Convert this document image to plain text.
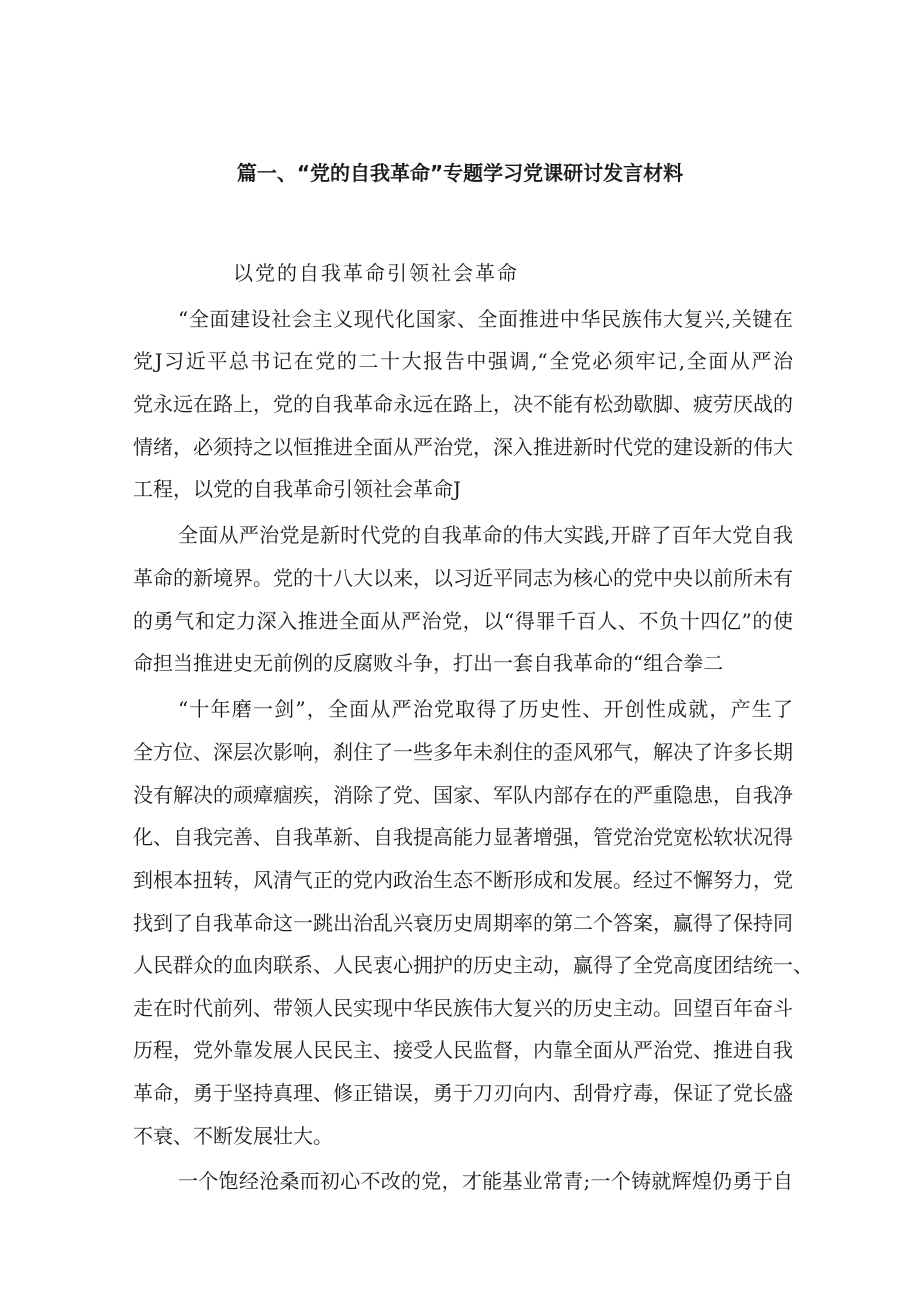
篇一、“党的自我革命”专题学习党课研讨发言材料
以党的自我革命引领社会革命
“全面建设社会主义现代化国家、全面推进中华民族伟大复兴,关键在
党J习近平总书记在党的二十大报告中强调,“全党必须牢记,全面从严治
党永远在路上，党的自我革命永远在路上，决不能有松劲歇脚、疲劳厌战的
情绪，必须持之以恒推进全面从严治党，深入推进新时代党的建设新的伟大
工程，以党的自我革命引领社会革命J
全面从严治党是新时代党的自我革命的伟大实践,开辟了百年大党自我
革命的新境界。党的十八大以来，以习近平同志为核心的党中央以前所未有
的勇气和定力深入推进全面从严治党，以“得罪千百人、不负十四亿”的使
命担当推进史无前例的反腐败斗争，打出一套自我革命的“组合拳二
“十年磨一剑”，全面从严治党取得了历史性、开创性成就，产生了
全方位、深层次影响，刹住了一些多年未刹住的歪风邪气，解决了许多长期
没有解决的顽瘴痼疾，消除了党、国家、军队内部存在的严重隐患，自我净
化、自我完善、自我革新、自我提高能力显著增强，管党治党宽松软状况得
到根本扭转，风清气正的党内政治生态不断形成和发展。经过不懈努力，党
找到了自我革命这一跳出治乱兴衰历史周期率的第二个答案，赢得了保持同
人民群众的血肉联系、人民衷心拥护的历史主动，赢得了全党高度团结统一、
走在时代前列、带领人民实现中华民族伟大复兴的历史主动。回望百年奋斗
历程，党外靠发展人民民主、接受人民监督，内靠全面从严治党、推进自我
革命，勇于坚持真理、修正错误，勇于刀刃向内、刮骨疗毒，保证了党长盛
不衰、不断发展壮大。
一个饱经沧桑而初心不改的党，才能基业常青;一个铸就辉煌仍勇于自
